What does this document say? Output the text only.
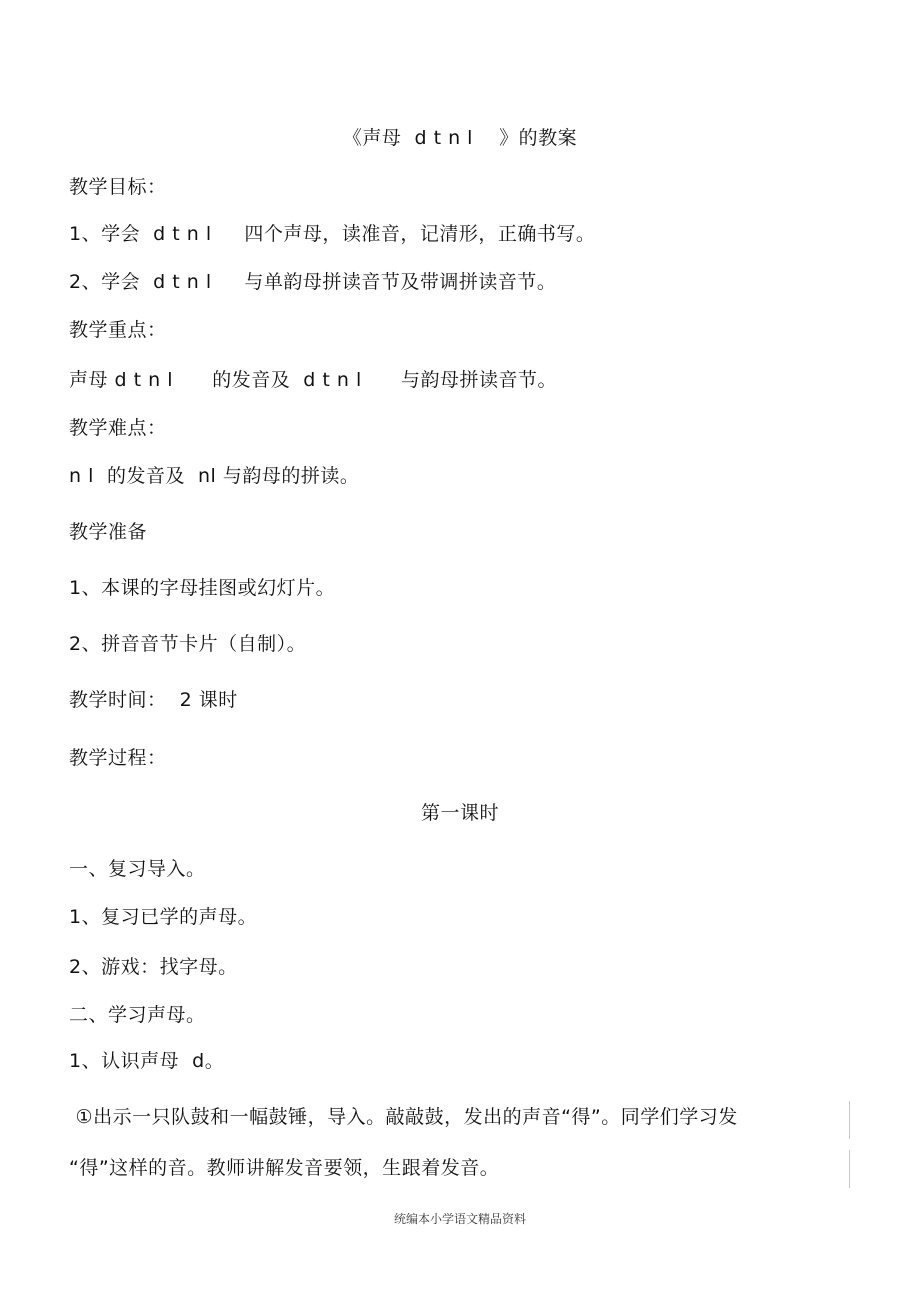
《声母  d t n l    》的教案
教学目标：
1、学会  d t n l     四个声母，读准音，记清形，正确书写。
2、学会  d t n l     与单韵母拼读音节及带调拼读音节。
教学重点：
声母 d t n l      的发音及  d t n l      与韵母拼读音节。
教学难点：
n l  的发音及  nl 与韵母的拼读。
教学准备
1、本课的字母挂图或幻灯片。
2、拼音音节卡片（自制）。
教学时间：  2 课时
教学过程：
第一课时
一、复习导入。
1、复习已学的声母。
2、游戏：找字母。
二、学习声母。
1、认识声母  d。
①出示一只队鼓和一幅鼓锤，导入。敲敲鼓，发出的声音“得”。同学们学习发
“得”这样的音。教师讲解发音要领，生跟着发音。
统编本小学语文精品资料
